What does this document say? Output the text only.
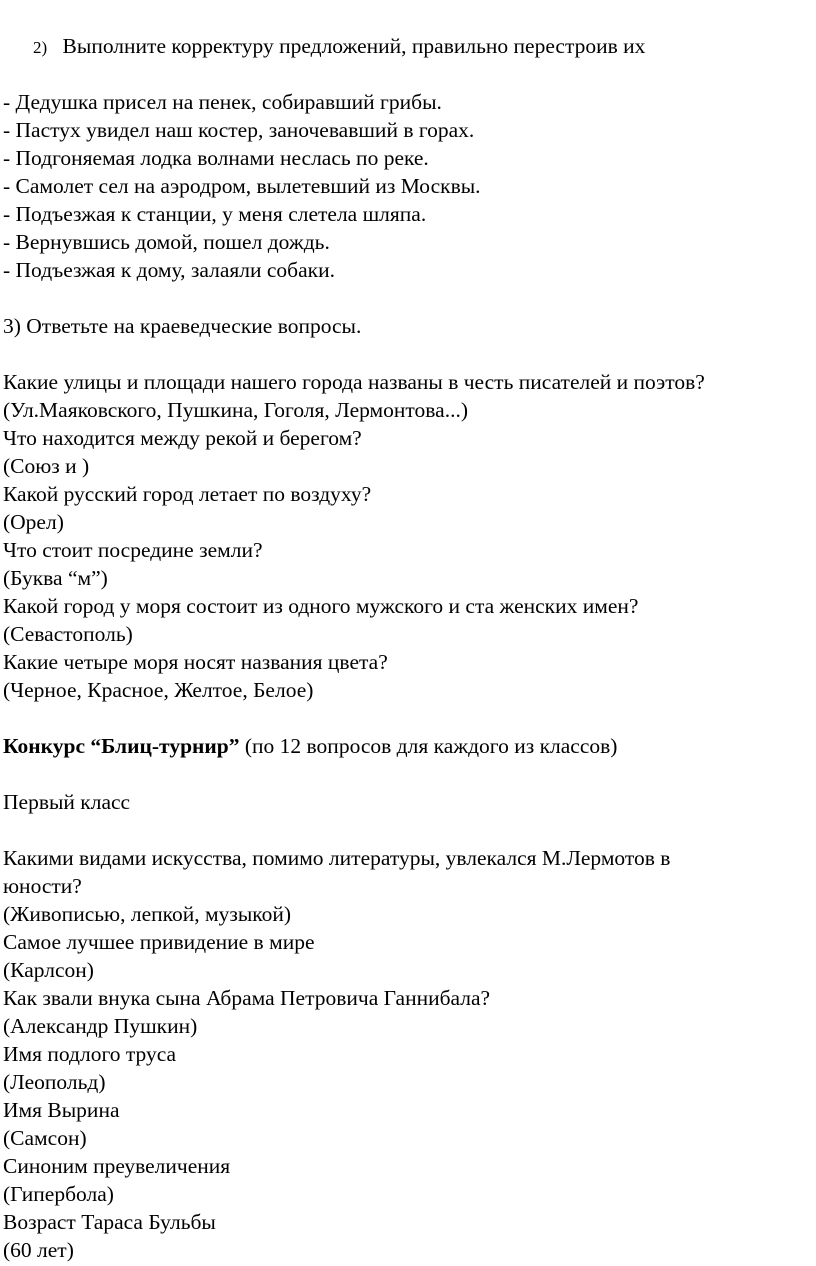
2) Выполните корректуру предложений, правильно перестроив их
- Дедушка присел на пенек, собиравший грибы.
- Пастух увидел наш костер, заночевавший в горах.
- Подгоняемая лодка волнами неслась по реке.
- Самолет сел на аэродром, вылетевший из Москвы.
- Подъезжая к станции, у меня слетела шляпа.
- Вернувшись домой, пошел дождь.
- Подъезжая к дому, залаяли собаки.
3) Ответьте на краеведческие вопросы.
Какие улицы и площади нашего города названы в честь писателей и поэтов?
(Ул.Маяковского, Пушкина, Гоголя, Лермонтова...)
Что находится между рекой и берегом?
(Союз и )
Какой русский город летает по воздуху?
(Орел)
Что стоит посредине земли?
(Буква “м”)
Какой город у моря состоит из одного мужского и ста женских имен?
(Севастополь)
Какие четыре моря носят названия цвета?
(Черное, Красное, Желтое, Белое)
Конкурс “Блиц-турнир” (по 12 вопросов для каждого из классов)
Первый класс
Какими видами искусства, помимо литературы, увлекался М.Лермотов в
юности?
(Живописью, лепкой, музыкой)
Самое лучшее привидение в мире
(Карлсон)
Как звали внука сына Абрама Петровича Ганнибала?
(Александр Пушкин)
Имя подлого труса
(Леопольд)
Имя Вырина
(Самсон)
Синоним преувеличения
(Гипербола)
Возраст Тараса Бульбы
(60 лет)
